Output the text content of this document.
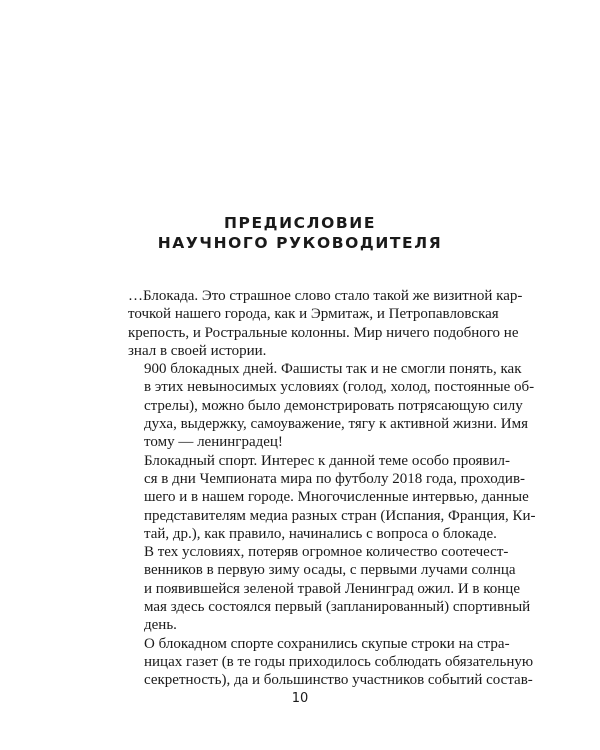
ПРЕДИСЛОВИЕ
НАУЧНОГО РУКОВОДИТЕЛЯ

…Блокада. Это страшное слово стало такой же визитной кар-
точкой нашего города, как и Эрмитаж, и Петропавловская
крепость, и Ростральные колонны. Мир ничего подобного не
знал в своей истории.

900 блокадных дней. Фашисты так и не смогли понять, как
в этих невыносимых условиях (голод, холод, постоянные об-
стрелы), можно было демонстрировать потрясающую силу
духа, выдержку, самоуважение, тягу к активной жизни. Имя
тому — ленинградец!

Блокадный спорт. Интерес к данной теме особо проявил-
ся в дни Чемпионата мира по футболу 2018 года, проходив-
шего и в нашем городе. Многочисленные интервью, данные
представителям медиа разных стран (Испания, Франция, Ки-
тай, др.), как правило, начинались с вопроса о блокаде.

В тех условиях, потеряв огромное количество соотечест-
венников в первую зиму осады, с первыми лучами солнца
и появившейся зеленой травой Ленинград ожил. И в конце
мая здесь состоялся первый (запланированный) спортивный
день.

О блокадном спорте сохранились скупые строки на стра-
ницах газет (в те годы приходилось соблюдать обязательную
секретность), да и большинство участников событий состав-

10
